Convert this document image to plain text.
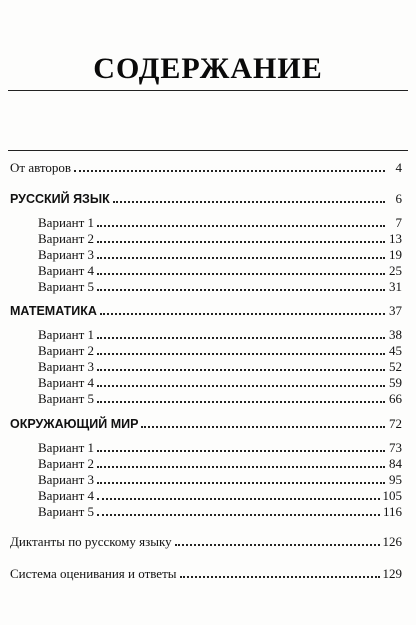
СОДЕРЖАНИЕ
От авторов	4
РУССКИЙ ЯЗЫК	6
Вариант 1	7
Вариант 2	13
Вариант 3	19
Вариант 4	25
Вариант 5	31
МАТЕМАТИКА	37
Вариант 1	38
Вариант 2	45
Вариант 3	52
Вариант 4	59
Вариант 5	66
ОКРУЖАЮЩИЙ МИР	72
Вариант 1	73
Вариант 2	84
Вариант 3	95
Вариант 4	105
Вариант 5	116
Диктанты по русскому языку	126
Система оценивания и ответы	129
